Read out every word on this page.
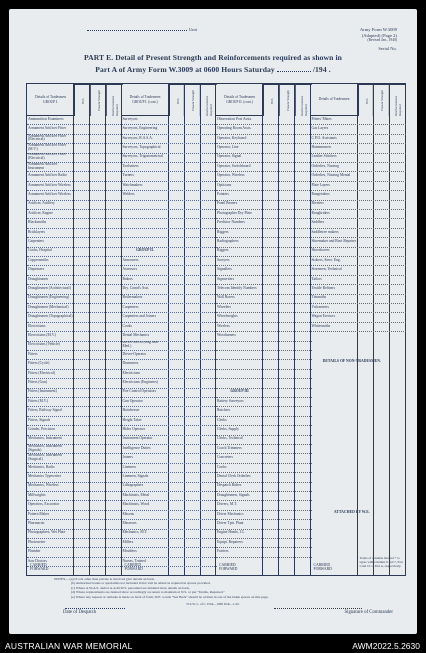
Unit	Army Form W.3009
(Adapted) (Page 2)
(Revised Jan., 1940)
Serial No.
PART E. Detail of Present Strength and Reinforcements required as shown in
Part A of Army Form W.3009 at 0600 Hours Saturday	/194 .
Details of Tradesmen
GROUP I.	W.E.	Present Strength	Reinforcements Required
Ammunition Examiners
Armament Artificer Fitter
Armament Artificer Fitter (Electrical)
Armament Artificer Fitter (M.V.)
Armament Artificer Fitter (Electrical)
Armament Artificer Instrument
Armament Artificer Radio
Armament Artificer Wireless
Armament Artificer Wireless
Artificer, Artillery
Artificer, Engine
Blacksmiths
Bricklayers
Carpenters
Cooks, Hospital
Coppersmiths
Dispensers
Draughtsmen
Draughtsmen (Architectural)
Draughtsmen (Engineering)
Draughtsmen (Mechanical)
Draughtsmen (Topographical)
Electricians
Electricians (M.V.)
Electricians (Vehicle)
Fitters
Fitters (Cycle)
Fitters (Electrical)
Fitters (Gun)
Fitters (Instrument)
Fitters (M.V.)
Fitters, Railway Signal
Fitters, Signals
Grinder, Precision
Mechanics, Instrument
Mechanics, Instrument (Signals)
Mechanics, Instrument (Surgical)
Mechanics, Radio
Mechanics Typewriter
Mechanics, Wireless
Millwrights
Operators, Excavator
Pattern Maker
Pharmacist
Photographers, Wet Plate
Photowriter
Plumber
Saw Doctors
CARRIED
FORWARD
Details of Tradesmen
GROUP I. (cont.)	W.E.	Present Strength	Reinforcements Required
Surveyors
Surveyors, Engineering
Surveyors, R.A.S.A.
Surveyors, Topographical
Surveyors, Trigonometrical
Toolsetters
Turners
Watchmakers
Welders
GROUP II.
Armourers
Assessors
Bakers
Dry. Comd's Asst.
Boilermakers
Carpenters
Carpenters and Joiners
Cooks
Dental Mechanics
Driver-Mech. (Eng. and Med.)
Driver-Operator
Drummers
Electricians
Electricians (Engineers)
Fire Control Operators
Gun Operator
Hairdresser
Height Taker
Hides Operator
Instrument Operator
Intelligence Duties
Joiners
Linemen
Linemen, Signals
Lithographers
Machinists, Metal
Machinists, Wood
Masons
Masseurs
Mechanics, M.T.
Millers
Moulders
Nurses, Trained
CARRIED
FORWARD
Details of Tradesmen
GROUP II. (cont.)	W.E.	Present Strength	Reinforcements Required
Observation Post Assts.
Operating Room Assts.
Operator, Keyboard
Operator, Line
Operator, Signal
Operator, Switchboard
Operator, Wireless
Opticians
Painters
Panel Beaters
Photographer Dry Plate
Predictor Numbers
Riggers
Radiographers
Riggers
Sawyers
Signallers
Signwriters
Telecom Identify Numbers
Wall Borers
Wheelers
Wheelwrights
Wireless
Woodturners
GROUP III
Battery Surveyors
Butchers
Clerks
Clerks, Supply
Clerks, Technical
Coach Trimmers
Concreters
Cooks
Dental Clerk Orderlies
Despatch Riders
Draughtsmen, Signals
Drivers, M.T.
Driver Mechanics
Driver Tpts. Plant
Engine Hands, I.C.
Equipt. Repairers
Farriers
CARRIED
FORWARD
Details of Tradesmen	W.E.	Present Strength	Reinforcements Required
Fitters' Mates
Gas Layers
C.P.O. Assistants
Hammermen
Leather Stitchers
Orderlies, Nursing
Orderlies, Nursing Mental
Plate Layers
Rangetakers
Riveters
Roughriders
Saddlers
Saddletree makers
Shoemaker and Boot Repairer
Shoeshorers
Stokers, Sterz. Eng.
Storemen, Technical
Tailors
Textile Refiners
Tinsmiths
Vulcanizers
Wagon Erectors
Whitesmiths
CARRIED
FORWARD
DETAILS OF NON-TRADESMEN.
ATTACHED BY W.E.
Totals of columns marked * to agree with columns 6 and 7, Part I and 10 of Part A, respectively.
NOTES.—(a) If cols other than private is involved give details on back.
(b) Authorised trades or specialists not included in list will be added as required in spaces provided.
(c) Where A.W.A.S. and/or A.A.M.W.S. personnel are detailed show details on back.
(d) Where replacements are desired show accordingly on return to maintain at N.S. or put "Tenths, Required."
(e) Where any request or remarks is made on back of form, W.E. words "See Back" should be written in one of the blank spaces on this page.
N.S.W. L. of C. Print—1800 Pads—1/43.
Date of Despatch	Signature of Commander
AUSTRALIAN WAR MEMORIAL	AWM2022.5.2630
